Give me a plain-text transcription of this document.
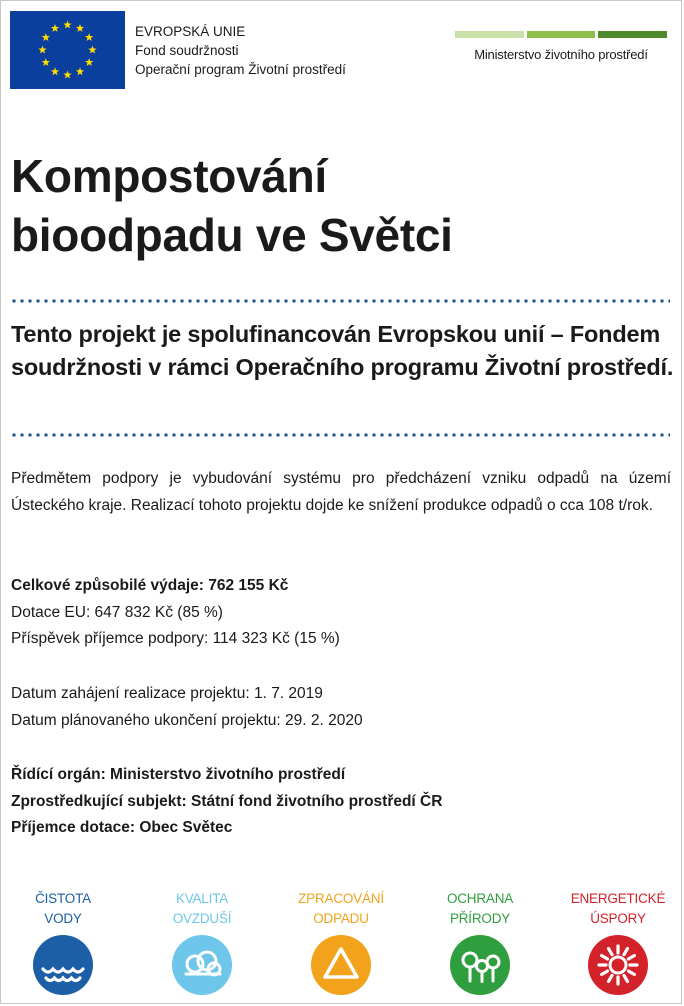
EVROPSKÁ UNIE
Fond soudržnosti
Operační program Životní prostředí
Ministerstvo životního prostředí
Kompostování
bioodpadu ve Světci
Tento projekt je spolufinancován Evropskou unií – Fondem soudržnosti v rámci Operačního programu Životní prostředí.
Předmětem podpory je vybudování systému pro předcházení vzniku odpadů na území Ústeckého kraje. Realizací tohoto projektu dojde ke snížení produkce odpadů o cca 108 t/rok.
Celkové způsobilé výdaje: 762 155 Kč
Dotace EU: 647 832 Kč (85 %)
Příspěvek příjemce podpory: 114 323 Kč (15 %)
Datum zahájení realizace projektu: 1. 7. 2019
Datum plánovaného ukončení projektu: 29. 2. 2020
Řídící orgán: Ministerstvo životního prostředí
Zprostředkující subjekt: Státní fond životního prostředí ČR
Příjemce dotace: Obec Světec
ČISTOTA
VODY
KVALITA
OVZDUŠÍ
ZPRACOVÁNÍ
ODPADU
OCHRANA
PŘÍRODY
ENERGETICKÉ
ÚSPORY
